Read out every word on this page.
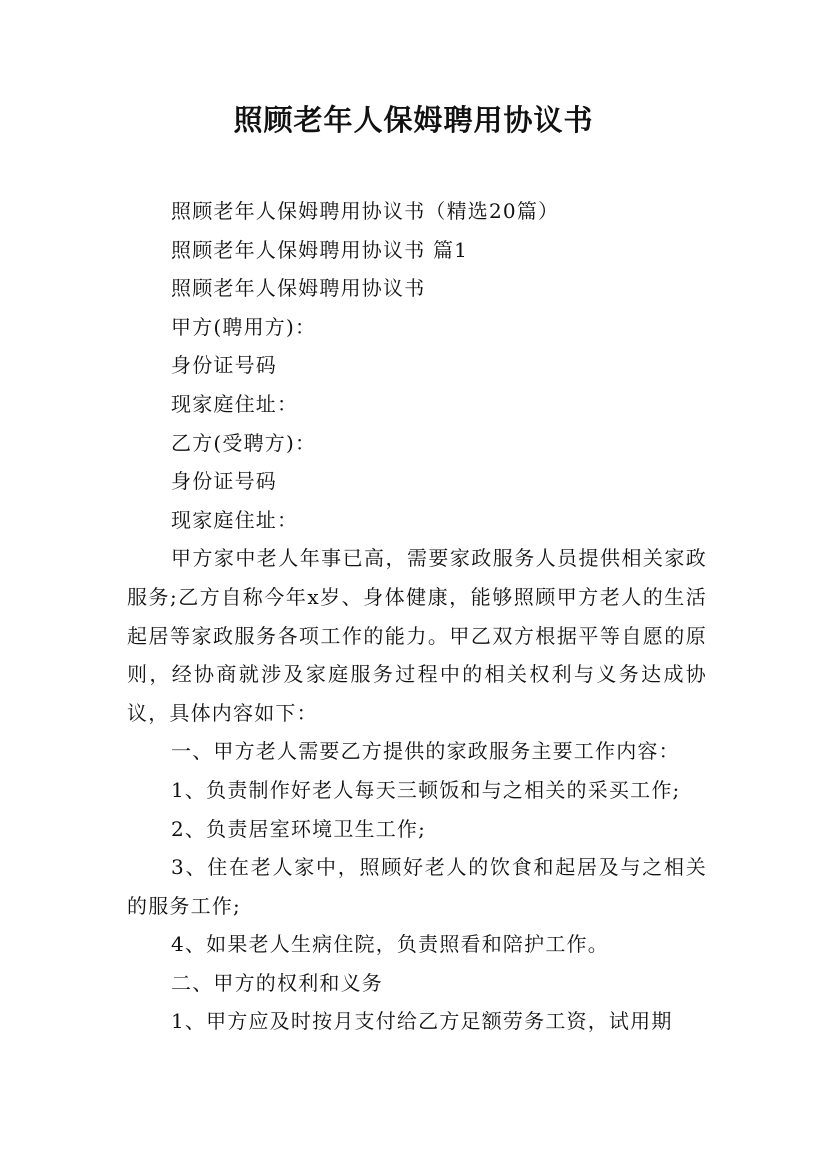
照顾老年人保姆聘用协议书

照顾老年人保姆聘用协议书（精选20篇）

照顾老年人保姆聘用协议书 篇1

照顾老年人保姆聘用协议书

甲方(聘用方)：

身份证号码

现家庭住址：

乙方(受聘方)：

身份证号码

现家庭住址：

甲方家中老人年事已高，需要家政服务人员提供相关家政服务;乙方自称今年x岁、身体健康，能够照顾甲方老人的生活起居等家政服务各项工作的能力。甲乙双方根据平等自愿的原则，经协商就涉及家庭服务过程中的相关权利与义务达成协议，具体内容如下：

一、甲方老人需要乙方提供的家政服务主要工作内容：

1、负责制作好老人每天三顿饭和与之相关的采买工作;

2、负责居室环境卫生工作;

3、住在老人家中，照顾好老人的饮食和起居及与之相关的服务工作;

4、如果老人生病住院，负责照看和陪护工作。

二、甲方的权利和义务

1、甲方应及时按月支付给乙方足额劳务工资，试用期
